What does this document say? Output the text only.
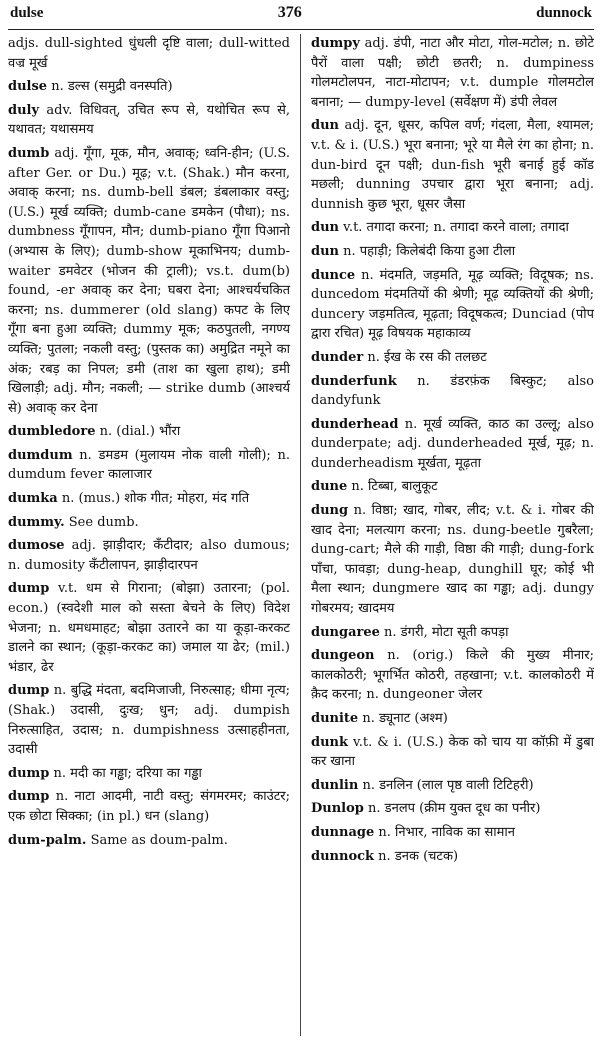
dulse	376	dunnock

adjs. dull-sighted धुंधली दृष्टि वाला; dull-witted वज्र मूर्ख

dulse n. डल्स (समुद्री वनस्पति)

duly adv. विधिवत्, उचित रूप से, यथोचित रूप से, यथावत; यथासमय

dumb adj. गूँगा, मूक, मौन, अवाक्; ध्वनि-हीन; (U.S. after Ger. or Du.) मूढ़; v.t. (Shak.) मौन करना, अवाक् करना; ns. dumb-bell डंबल; डंबलाकार वस्तु; (U.S.) मूर्ख व्यक्ति; dumb-cane डमकेन (पौधा); ns. dumbness गूँगापन, मौन; dumb-piano गूँगा पिआनो (अभ्यास के लिए); dumb-show मूकाभिनय; dumb-waiter डमवेटर (भोजन की ट्राली); vs.t. dum(b) found, -er अवाक् कर देना; घबरा देना; आश्चर्यचकित करना; ns. dummerer (old slang) कपट के लिए गूँगा बना हुआ व्यक्ति; dummy मूक; कठपुतली, नगण्य व्यक्ति; पुतला; नकली वस्तु; (पुस्तक का) अमुद्रित नमूने का अंक; रबड़ का निपल; डमी (ताश का खुला हाथ); डमी खिलाड़ी; adj. मौन; नकली; — strike dumb (आश्चर्य से) अवाक् कर देना

dumbledore n. (dial.) भौंरा

dumdum n. डमडम (मुलायम नोक वाली गोली); n. dumdum fever कालाजार

dumka n. (mus.) शोक गीत; मोहरा, मंद गति

dummy. See dumb.

dumose adj. झाड़ीदार; कँटीदार; also dumous; n. dumosity कँटीलापन, झाड़ीदारपन

dump v.t. धम से गिराना; (बोझा) उतारना; (pol. econ.) (स्वदेशी माल को सस्ता बेचने के लिए) विदेश भेजना; n. धमधमाहट; बोझा उतारने का या कूड़ा-करकट डालने का स्थान; (कूड़ा-करकट का) जमाल या ढेर; (mil.) भंडार, ढेर

dump n. बुद्धि मंदता, बदमिजाजी, निरुत्साह; धीमा नृत्य; (Shak.) उदासी, दुःख; धुन; adj. dumpish निरुत्साहित, उदास; n. dumpishness उत्साहहीनता, उदासी

dump n. मदी का गड्ढा; दरिया का गड्ढा

dump n. नाटा आदमी, नाटी वस्तु; संगमरमर; काउंटर; एक छोटा सिक्का; (in pl.) धन (slang)

dum-palm. Same as doum-palm.

dumpy adj. डंपी, नाटा और मोटा, गोल-मटोल; n. छोटे पैरों वाला पक्षी; छोटी छतरी; n. dumpiness गोलमटोलपन, नाटा-मोटापन; v.t. dumple गोलमटोल बनाना; — dumpy-level (सर्वेक्षण में) डंपी लेवल

dun adj. दून, धूसर, कपिल वर्ण; गंदला, मैला, श्यामल; v.t. & i. (U.S.) भूरा बनाना; भूरे या मैले रंग का होना; n. dun-bird दून पक्षी; dun-fish भूरी बनाई हुई कॉड मछली; dunning उपचार द्वारा भूरा बनाना; adj. dunnish कुछ भूरा, धूसर जैसा

dun v.t. तगादा करना; n. तगादा करने वाला; तगादा

dun n. पहाड़ी; किलेबंदी किया हुआ टीला

dunce n. मंदमति, जड़मति, मूढ़ व्यक्ति; विदूषक; ns. duncedom मंदमतियों की श्रेणी; मूढ़ व्यक्तियों की श्रेणी; duncery जड़मतित्व, मूढ़ता; विदूषकत्व; Dunciad (पोप द्वारा रचित) मूढ़ विषयक महाकाव्य

dunder n. ईख के रस की तलछट

dunderfunk n. डंडरफ़ंक बिस्कुट; also dandyfunk

dunderhead n. मूर्ख व्यक्ति, काठ का उल्लू; also dunderpate; adj. dunderheaded मूर्ख, मूढ़; n. dunderheadism मूर्खता, मूढ़ता

dune n. टिब्बा, बालुकूट

dung n. विष्ठा; खाद, गोबर, लीद; v.t. & i. गोबर की खाद देना; मलत्याग करना; ns. dung-beetle गुबरैला; dung-cart; मैले की गाड़ी, विष्ठा की गाड़ी; dung-fork पाँचा, फावड़ा; dung-heap, dunghill घूर; कोई भी मैला स्थान; dungmere खाद का गड्ढा; adj. dungy गोबरमय; खादमय

dungaree n. डंगरी, मोटा सूती कपड़ा

dungeon n. (orig.) किले की मुख्य मीनार; कालकोठरी; भूगर्भित कोठरी, तहखाना; v.t. कालकोठरी में क़ैद करना; n. dungeoner जेलर

dunite n. ड्यूनाट (अश्म)

dunk v.t. & i. (U.S.) केक को चाय या कॉफ़ी में डुबा कर खाना

dunlin n. डनलिन (लाल पृष्ठ वाली टिटिहरी)

Dunlop n. डनलप (क्रीम युक्त दूध का पनीर)

dunnage n. निभार, नाविक का सामान

dunnock n. डनक (चटक)
